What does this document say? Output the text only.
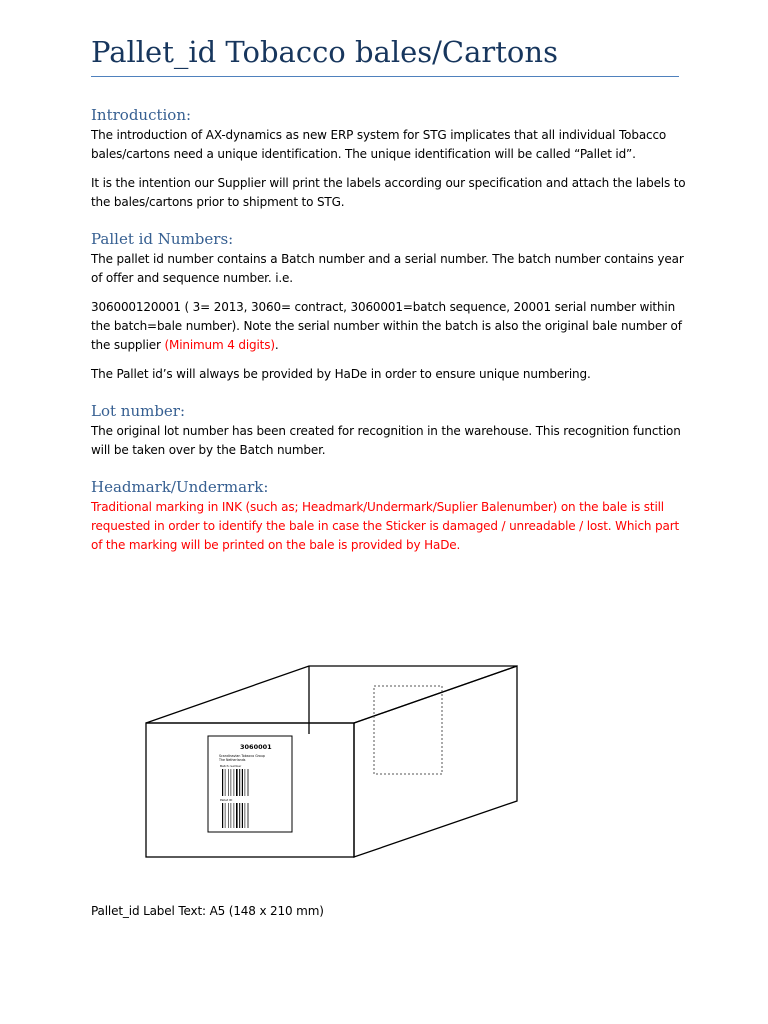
Pallet_id Tobacco bales/Cartons
Introduction:

The introduction of AX-dynamics as new ERP system for STG implicates that all individual Tobacco bales/cartons need a unique identification. The unique identification will be called “Pallet id”.

It is the intention our Supplier will print the labels according our specification and attach the labels to the bales/cartons prior to shipment to STG.

Pallet id Numbers:

The pallet id number contains a Batch number and a serial number. The batch number contains year of offer and sequence number. i.e.

306000120001 ( 3= 2013, 3060= contract, 3060001=batch sequence, 20001 serial number within the batch=bale number). Note the serial number within the batch is also the original bale number of the supplier (Minimum 4 digits).

The Pallet id’s will always be provided by HaDe in order to ensure unique numbering.

Lot number:

The original lot number has been created for recognition in the warehouse. This recognition function will be taken over by the Batch number.

Headmark/Undermark:

Traditional marking in INK (such as; Headmark/Undermark/Suplier Balenumber) on the bale is still requested in order to identify the bale in case the Sticker is damaged / unreadable / lost. Which part of the marking will be printed on the bale is provided by HaDe.

3060001
Scandinavian Tobacco Group
The Netherlands
Batch number
Pallet ID

Pallet_id Label Text: A5 (148 x 210 mm)
